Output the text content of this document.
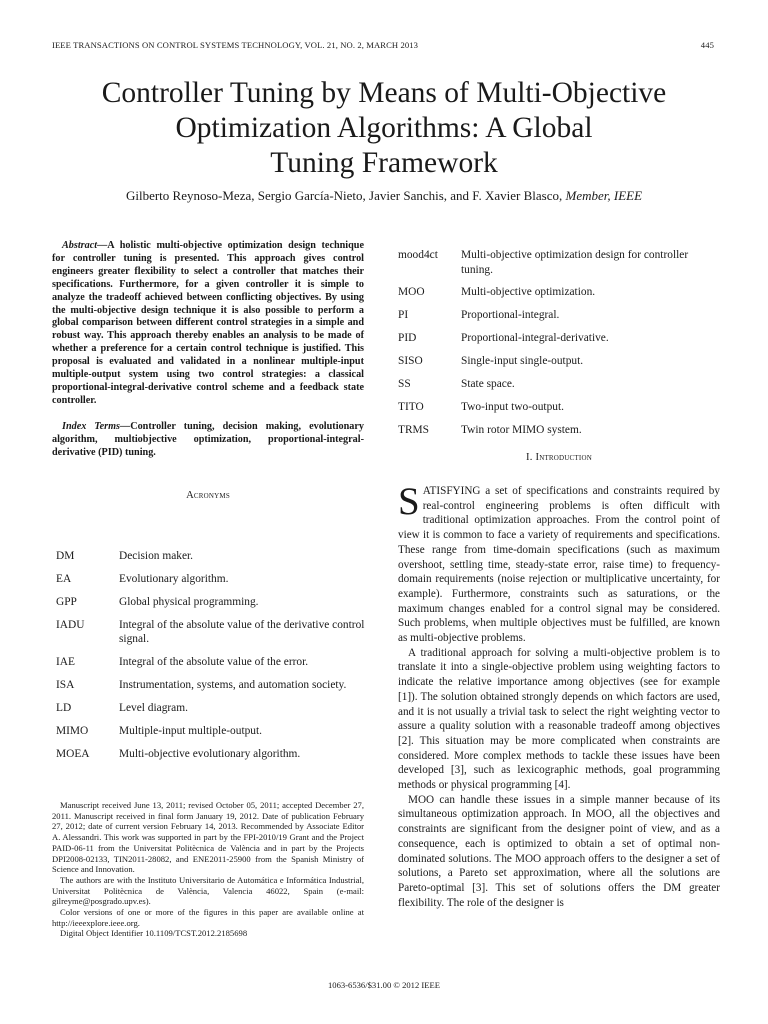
IEEE TRANSACTIONS ON CONTROL SYSTEMS TECHNOLOGY, VOL. 21, NO. 2, MARCH 2013	445
Controller Tuning by Means of Multi-Objective
Optimization Algorithms: A Global
Tuning Framework
Gilberto Reynoso-Meza, Sergio García-Nieto, Javier Sanchis, and F. Xavier Blasco, Member, IEEE
Abstract—A holistic multi-objective optimization design technique for controller tuning is presented. This approach gives control engineers greater flexibility to select a controller that matches their specifications. Furthermore, for a given controller it is simple to analyze the tradeoff achieved between conflicting objectives. By using the multi-objective design technique it is also possible to perform a global comparison between different control strategies in a simple and robust way. This approach thereby enables an analysis to be made of whether a preference for a certain control technique is justified. This proposal is evaluated and validated in a nonlinear multiple-input multiple-output system using two control strategies: a classical proportional-integral-derivative control scheme and a feedback state controller.
Index Terms—Controller tuning, decision making, evolutionary algorithm, multiobjective optimization, proportional-integral-derivative (PID) tuning.
Acronyms
DM	Decision maker.
EA	Evolutionary algorithm.
GPP	Global physical programming.
IADU	Integral of the absolute value of the derivative control signal.
IAE	Integral of the absolute value of the error.
ISA	Instrumentation, systems, and automation society.
LD	Level diagram.
MIMO	Multiple-input multiple-output.
MOEA	Multi-objective evolutionary algorithm.

Manuscript received June 13, 2011; revised October 05, 2011; accepted December 27, 2011. Manuscript received in final form January 19, 2012. Date of publication February 27, 2012; date of current version February 14, 2013. Recommended by Associate Editor A. Alessandri. This work was supported in part by the FPI-2010/19 Grant and the Project PAID-06-11 from the Universitat Politècnica de València and in part by the Projects DPI2008-02133, TIN2011-28082, and ENE2011-25900 from the Spanish Ministry of Science and Innovation.

The authors are with the Instituto Universitario de Automática e Informática Industrial, Universitat Politècnica de València, Valencia 46022, Spain (e-mail: gilreyme@posgrado.upv.es).

Color versions of one or more of the figures in this paper are available online at http://ieeexplore.ieee.org.

Digital Object Identifier 10.1109/TCST.2012.2185698

mood4ct	Multi-objective optimization design for controller tuning.
MOO	Multi-objective optimization.
PI	Proportional-integral.
PID	Proportional-integral-derivative.
SISO	Single-input single-output.
SS	State space.
TITO	Two-input two-output.
TRMS	Twin rotor MIMO system.
I. Introduction

SATISFYING a set of specifications and constraints required by real-control engineering problems is often difficult with traditional optimization approaches. From the control point of view it is common to face a variety of requirements and specifications. These range from time-domain specifications (such as maximum overshoot, settling time, steady-state error, raise time) to frequency-domain requirements (noise rejection or multiplicative uncertainty, for example). Furthermore, constraints such as saturations, or the maximum changes enabled for a control signal may be considered. Such problems, when multiple objectives must be fulfilled, are known as multi-objective problems.

A traditional approach for solving a multi-objective problem is to translate it into a single-objective problem using weighting factors to indicate the relative importance among objectives (see for example [1]). The solution obtained strongly depends on which factors are used, and it is not usually a trivial task to select the right weighting vector to assure a quality solution with a reasonable tradeoff among objectives [2]. This situation may be more complicated when constraints are considered. More complex methods to tackle these issues have been developed [3], such as lexicographic methods, goal programming methods or physical programming [4].

MOO can handle these issues in a simple manner because of its simultaneous optimization approach. In MOO, all the objectives and constraints are significant from the designer point of view, and as a consequence, each is optimized to obtain a set of optimal non-dominated solutions. The MOO approach offers to the designer a set of solutions, a Pareto set approximation, where all the solutions are Pareto-optimal [3]. This set of solutions offers the DM greater flexibility. The role of the designer is

1063-6536/$31.00 © 2012 IEEE
